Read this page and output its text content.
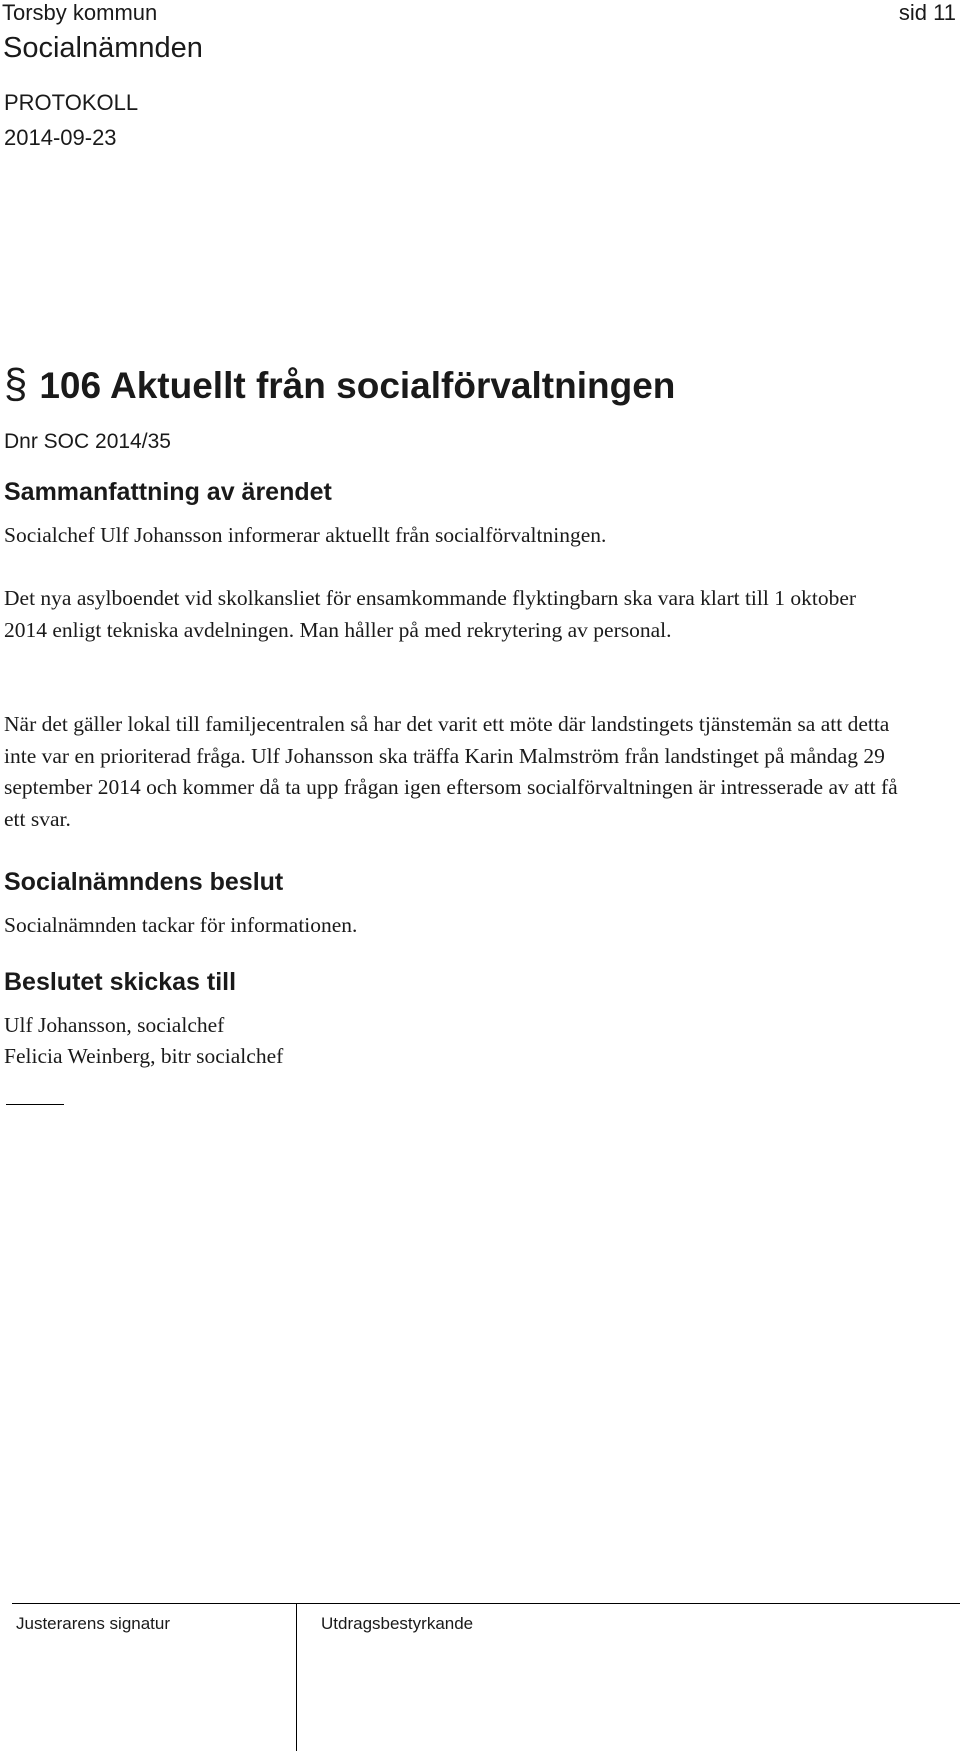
Torsby kommun
Socialnämnden
sid 11
PROTOKOLL
2014-09-23
§ 106 Aktuellt från socialförvaltningen
Dnr SOC 2014/35
Sammanfattning av ärendet

Socialchef Ulf Johansson informerar aktuellt från socialförvaltningen.

Det nya asylboendet vid skolkansliet för ensamkommande flyktingbarn ska vara klart till 1 oktober 2014 enligt tekniska avdelningen. Man håller på med rekrytering av personal.

När det gäller lokal till familjecentralen så har det varit ett möte där landstingets tjänstemän sa att detta inte var en prioriterad fråga. Ulf Johansson ska träffa Karin Malmström från landstinget på måndag 29 september 2014 och kommer då ta upp frågan igen eftersom socialförvaltningen är intresserade av att få ett svar.

Socialnämndens beslut

Socialnämnden tackar för informationen.

Beslutet skickas till

Ulf Johansson, socialchef

Felicia Weinberg, bitr socialchef

Justerarens signatur	Utdragsbestyrkande
